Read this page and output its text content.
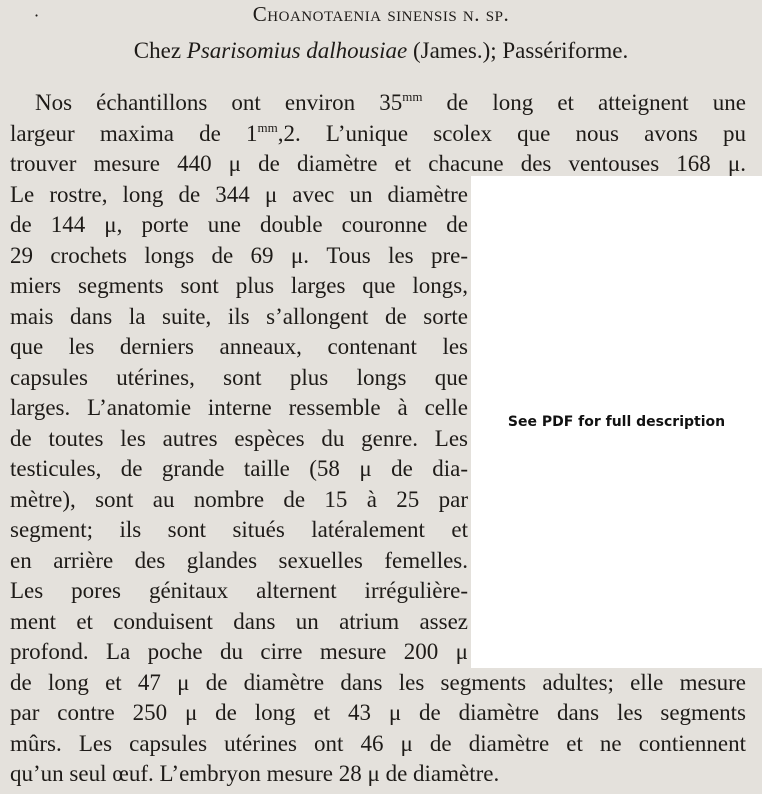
·	Choanotaenia sinensis n. sp.
Chez Psarisomius dalhousiae (James.); Passériforme.
Nos échantillons ont environ $35^{mm}$ de long et atteignent une
largeur maxima de $1^{mm},2$. L’unique scolex que nous avons pu
trouver mesure 440 μ de diamètre et chacune des ventouses 168 μ.
Le rostre, long de 344 μ avec un diamètre
de 144 μ, porte une double couronne de
29 crochets longs de 69 μ. Tous les pre-
miers segments sont plus larges que longs,
mais dans la suite, ils s’allongent de sorte
que les derniers anneaux, contenant les
capsules utérines, sont plus longs que
larges. L’anatomie interne ressemble à celle
de toutes les autres espèces du genre. Les
testicules, de grande taille (58 μ de dia-
mètre), sont au nombre de 15 à 25 par
segment; ils sont situés latéralement et
en arrière des glandes sexuelles femelles.
Les pores génitaux alternent irrégulière-
ment et conduisent dans un atrium assez
profond. La poche du cirre mesure 200 μ
de long et 47 μ de diamètre dans les segments adultes; elle mesure
par contre 250 μ de long et 43 μ de diamètre dans les segments
mûrs. Les capsules utérines ont 46 μ de diamètre et ne contiennent
qu’un seul œuf. L’embryon mesure 28 μ de diamètre.
See PDF for full description
